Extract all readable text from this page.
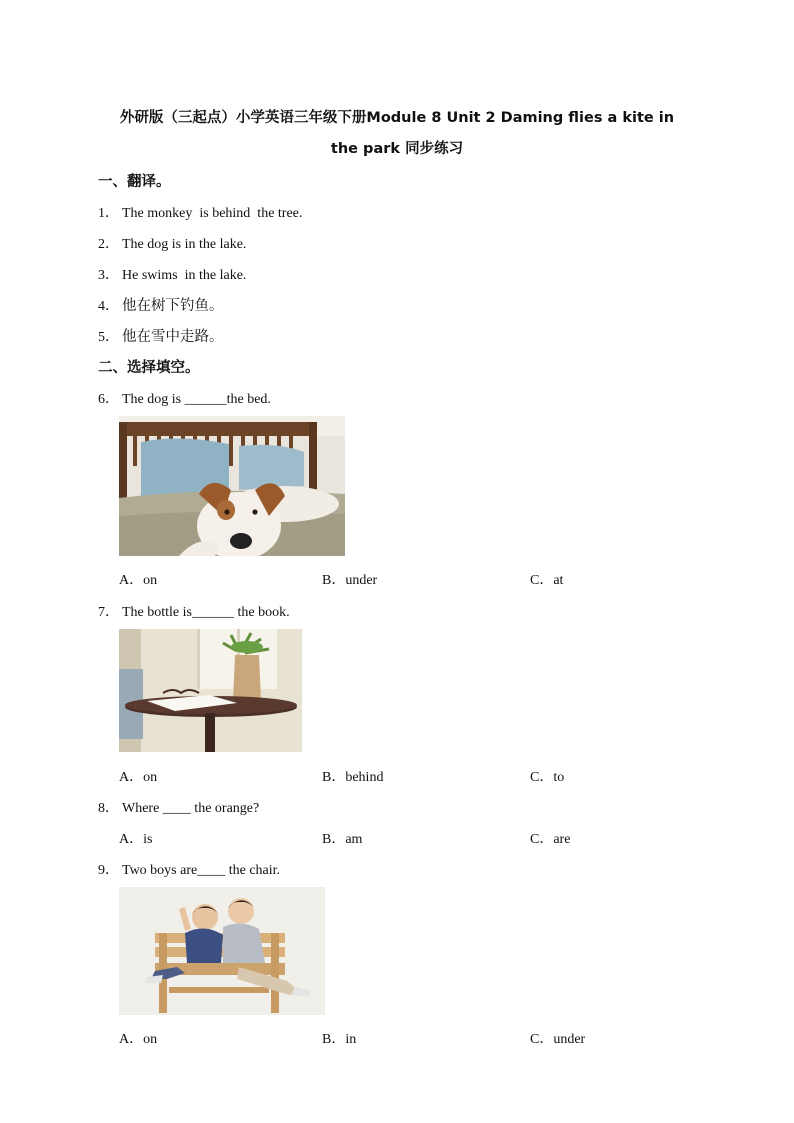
外研版（三起点）小学英语三年级下册Module 8 Unit 2 Daming flies a kite in
the park 同步练习
一、翻译。
1． The monkey  is behind  the tree.
2． The dog is in the lake.
3． He swims  in the lake.
4． 他在树下钓鱼。
5． 他在雪中走路。
二、选择填空。
6． The dog is ______the bed.
A．on	B．under	C．at
7． The bottle is______ the book.
A．on	B．behind	C．to
8． Where ____ the orange?
A．is	B．am	C．are
9． Two boys are____ the chair.
A．on	B．in	C．under
